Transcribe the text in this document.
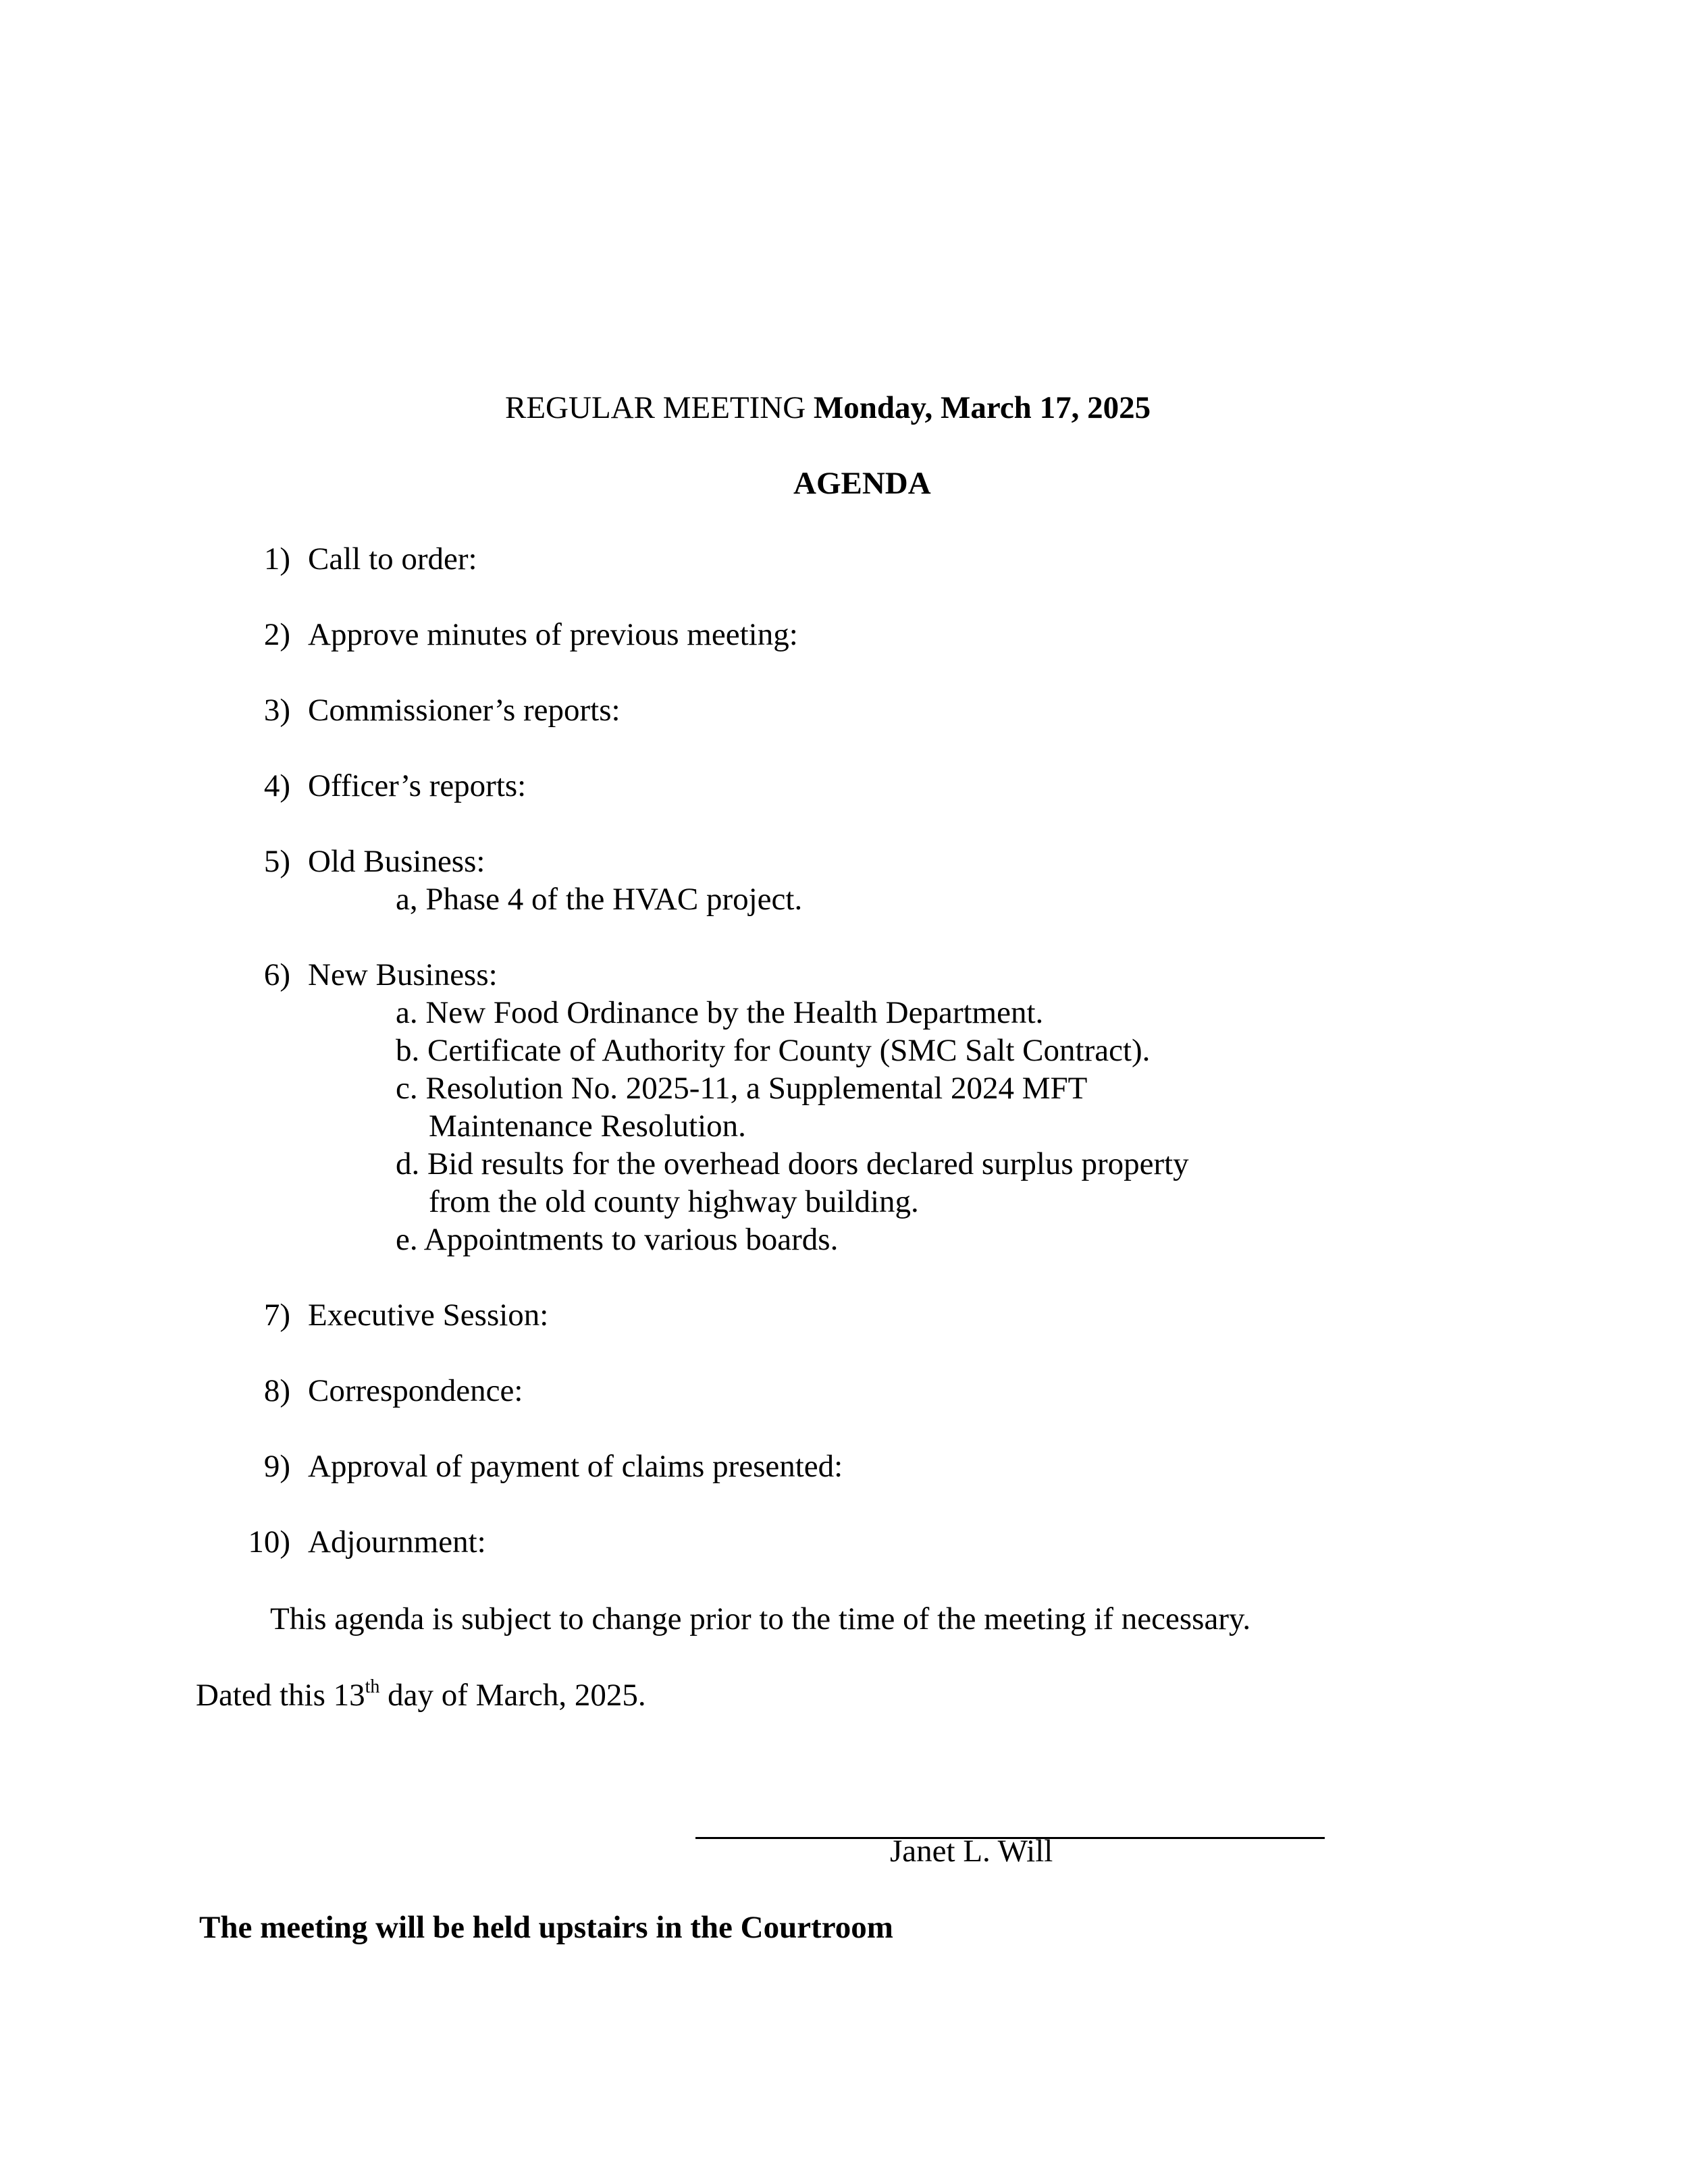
REGULAR MEETING Monday, March 17, 2025
AGENDA
1) Call to order:
2) Approve minutes of previous meeting:
3) Commissioner’s reports:
4) Officer’s reports:
5) Old Business:
a, Phase 4 of the HVAC project.
6) New Business:
a. New Food Ordinance by the Health Department.
b. Certificate of Authority for County (SMC Salt Contract).
c. Resolution No. 2025-11, a Supplemental 2024 MFT
Maintenance Resolution.
d. Bid results for the overhead doors declared surplus property
from the old county highway building.
e. Appointments to various boards.
7) Executive Session:
8) Correspondence:
9) Approval of payment of claims presented:
10) Adjournment:
This agenda is subject to change prior to the time of the meeting if necessary.
Dated this 13th day of March, 2025.
Janet L. Will
The meeting will be held upstairs in the Courtroom
